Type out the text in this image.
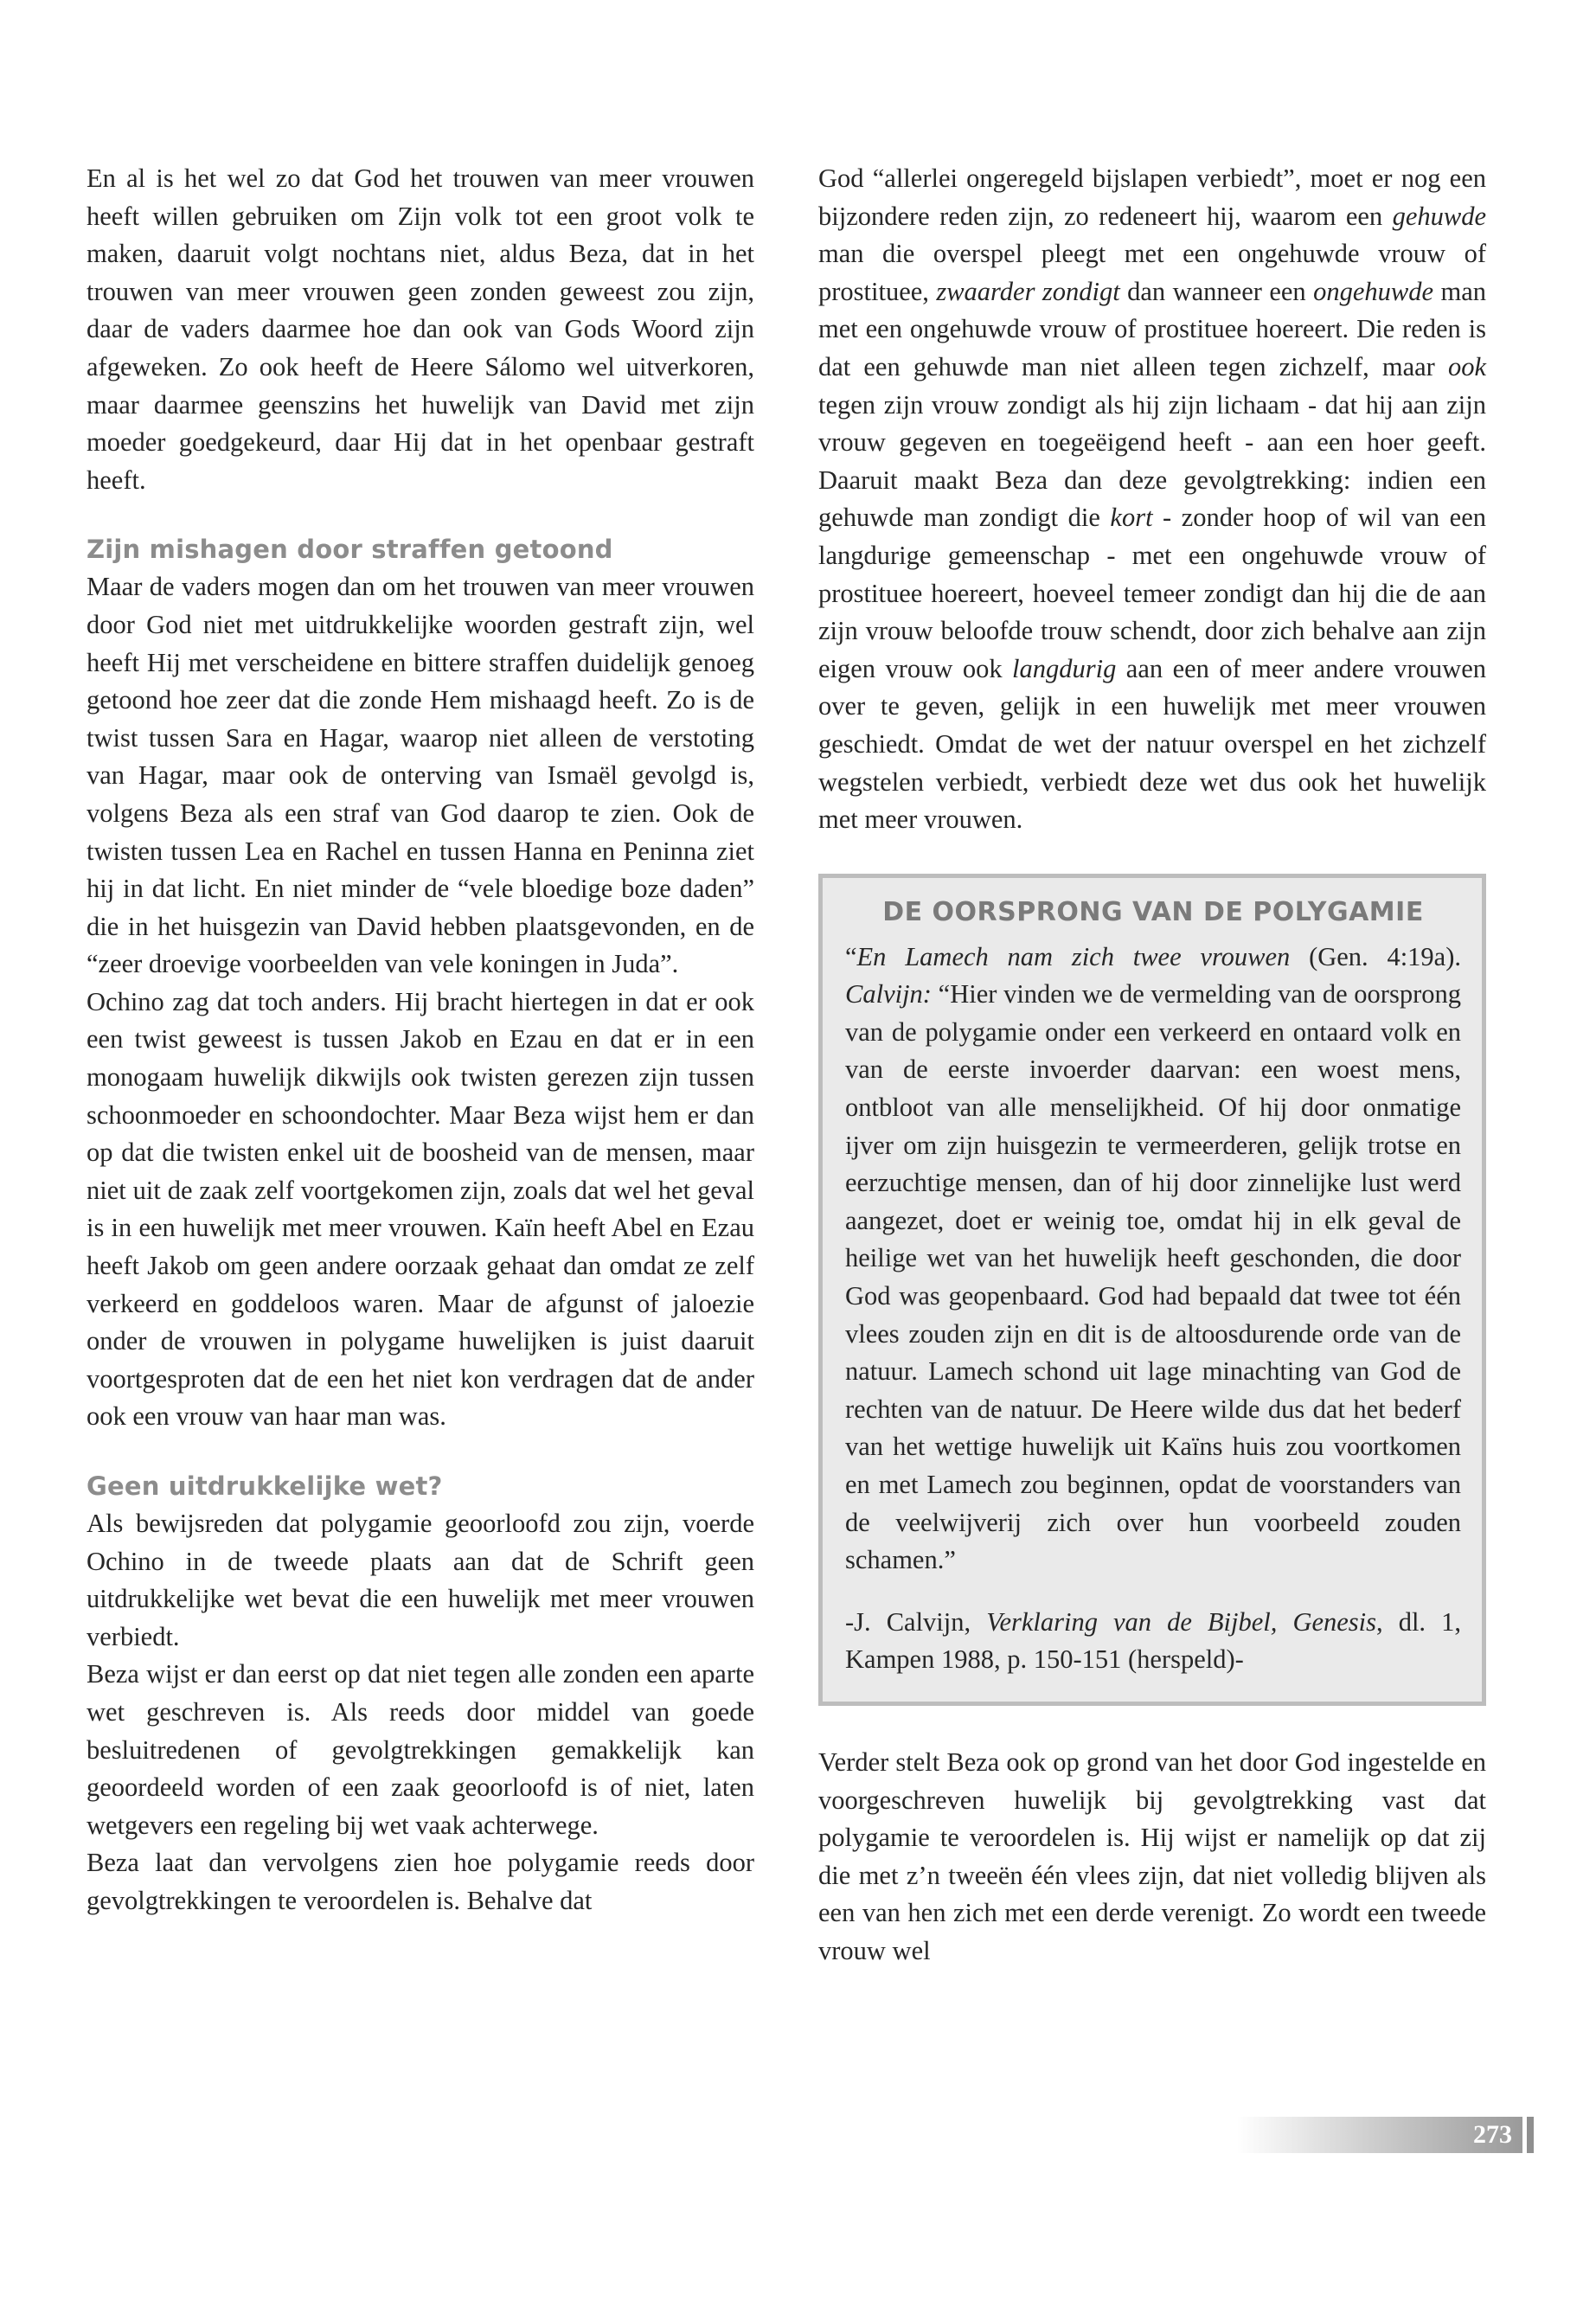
En al is het wel zo dat God het trouwen van meer vrouwen heeft willen gebruiken om Zijn volk tot een groot volk te maken, daaruit volgt nochtans niet, aldus Beza, dat in het trouwen van meer vrouwen geen zonden geweest zou zijn, daar de vaders daarmee hoe dan ook van Gods Woord zijn afgeweken. Zo ook heeft de Heere Sálomo wel uitverkoren, maar daarmee geenszins het huwelijk van David met zijn moeder goedgekeurd, daar Hij dat in het openbaar gestraft heeft.

Zijn mishagen door straffen getoond

Maar de vaders mogen dan om het trouwen van meer vrouwen door God niet met uitdrukkelijke woorden gestraft zijn, wel heeft Hij met verscheidene en bittere straffen duidelijk genoeg getoond hoe zeer dat die zonde Hem mishaagd heeft. Zo is de twist tussen Sara en Hagar, waarop niet alleen de verstoting van Hagar, maar ook de onterving van Ismaël gevolgd is, volgens Beza als een straf van God daarop te zien. Ook de twisten tussen Lea en Rachel en tussen Hanna en Peninna ziet hij in dat licht. En niet minder de “vele bloedige boze daden” die in het huisgezin van David hebben plaatsgevonden, en de “zeer droevige voorbeelden van vele koningen in Juda”.

Ochino zag dat toch anders. Hij bracht hiertegen in dat er ook een twist geweest is tussen Jakob en Ezau en dat er in een monogaam huwelijk dikwijls ook twisten gerezen zijn tussen schoonmoeder en schoondochter. Maar Beza wijst hem er dan op dat die twisten enkel uit de boosheid van de mensen, maar niet uit de zaak zelf voortgekomen zijn, zoals dat wel het geval is in een huwelijk met meer vrouwen. Kaïn heeft Abel en Ezau heeft Jakob om geen andere oorzaak gehaat dan omdat ze zelf verkeerd en goddeloos waren. Maar de afgunst of jaloezie onder de vrouwen in polygame huwelijken is juist daaruit voortgesproten dat de een het niet kon verdragen dat de ander ook een vrouw van haar man was.

Geen uitdrukkelijke wet?

Als bewijsreden dat polygamie geoorloofd zou zijn, voerde Ochino in de tweede plaats aan dat de Schrift geen uitdrukkelijke wet bevat die een huwelijk met meer vrouwen verbiedt.

Beza wijst er dan eerst op dat niet tegen alle zonden een aparte wet geschreven is. Als reeds door middel van goede besluitredenen of gevolgtrekkingen gemakkelijk kan geoordeeld worden of een zaak geoorloofd is of niet, laten wetgevers een regeling bij wet vaak achterwege.

Beza laat dan vervolgens zien hoe polygamie reeds door gevolgtrekkingen te veroordelen is. Behalve dat

God “allerlei ongeregeld bijslapen verbiedt”, moet er nog een bijzondere reden zijn, zo redeneert hij, waarom een gehuwde man die overspel pleegt met een ongehuwde vrouw of prostituee, zwaarder zondigt dan wanneer een ongehuwde man met een ongehuwde vrouw of prostituee hoereert. Die reden is dat een gehuwde man niet alleen tegen zichzelf, maar ook tegen zijn vrouw zondigt als hij zijn lichaam - dat hij aan zijn vrouw gegeven en toegeëigend heeft - aan een hoer geeft. Daaruit maakt Beza dan deze gevolgtrekking: indien een gehuwde man zondigt die kort - zonder hoop of wil van een langdurige gemeenschap - met een ongehuwde vrouw of prostituee hoereert, hoeveel temeer zondigt dan hij die de aan zijn vrouw beloofde trouw schendt, door zich behalve aan zijn eigen vrouw ook langdurig aan een of meer andere vrouwen over te geven, gelijk in een huwelijk met meer vrouwen geschiedt. Omdat de wet der natuur overspel en het zichzelf wegstelen verbiedt, verbiedt deze wet dus ook het huwelijk met meer vrouwen.

DE OORSPRONG VAN DE POLYGAMIE

“En Lamech nam zich twee vrouwen (Gen. 4:19a). Calvijn: “Hier vinden we de vermelding van de oorsprong van de polygamie onder een verkeerd en ontaard volk en van de eerste invoerder daarvan: een woest mens, ontbloot van alle menselijkheid. Of hij door onmatige ijver om zijn huisgezin te vermeerderen, gelijk trotse en eerzuchtige mensen, dan of hij door zinnelijke lust werd aangezet, doet er weinig toe, omdat hij in elk geval de heilige wet van het huwelijk heeft geschonden, die door God was geopenbaard. God had bepaald dat twee tot één vlees zouden zijn en dit is de altoosdurende orde van de natuur. Lamech schond uit lage minachting van God de rechten van de natuur. De Heere wilde dus dat het bederf van het wettige huwelijk uit Kaïns huis zou voortkomen en met Lamech zou beginnen, opdat de voorstanders van de veelwijverij zich over hun voorbeeld zouden schamen.”

-J. Calvijn, Verklaring van de Bijbel, Genesis, dl. 1, Kampen 1988, p. 150-151 (herspeld)-

Verder stelt Beza ook op grond van het door God ingestelde en voorgeschreven huwelijk bij gevolgtrekking vast dat polygamie te veroordelen is. Hij wijst er namelijk op dat zij die met z’n tweeën één vlees zijn, dat niet volledig blijven als een van hen zich met een derde verenigt. Zo wordt een tweede vrouw wel

273
